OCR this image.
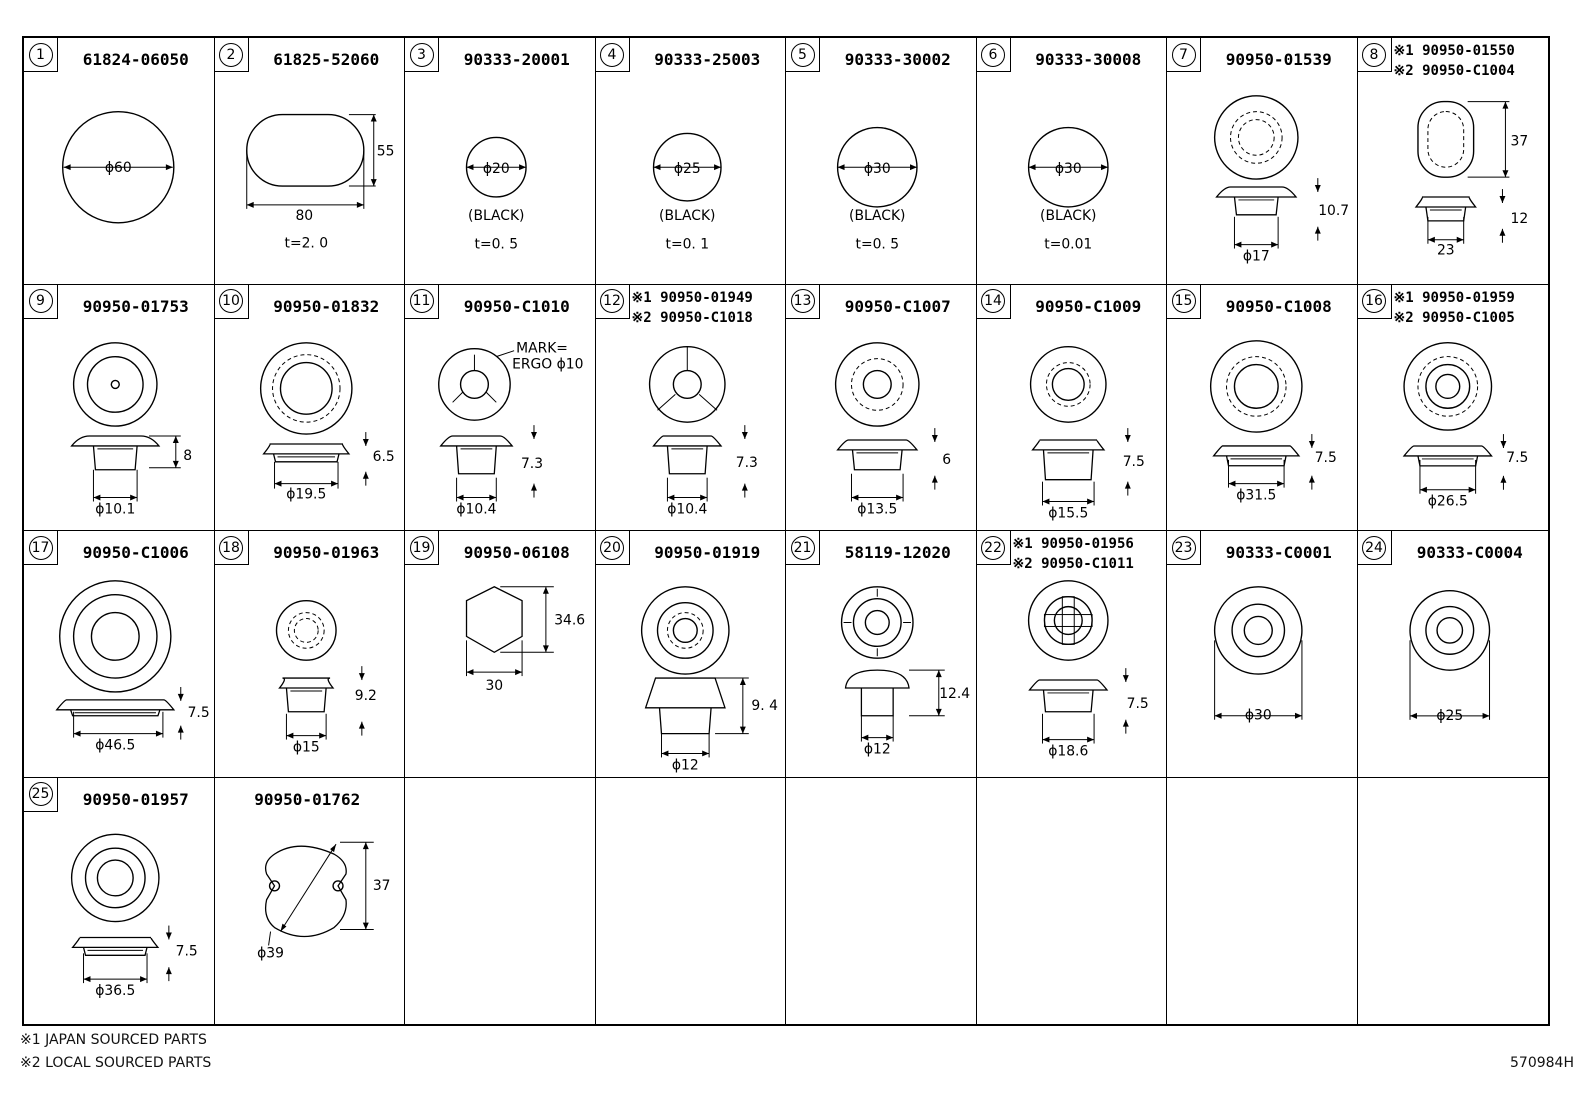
1	61824-06050
ϕ60
2	61825-52060
55
80
t=2. 0
3	90333-20001
ϕ20
(BLACK)
t=0. 5
4	90333-25003
ϕ25
(BLACK)
t=0. 1
5	90333-30002
ϕ30
(BLACK)
t=0. 5
6	90333-30008
ϕ30
(BLACK)
t=0.01
7	90950-01539
10.7
ϕ17
8	※1 90950-01550
※2 90950-C1004
37
12
23
9	90950-01753
8
ϕ10.1
10	90950-01832
6.5
ϕ19.5
11	90950-C1010
MARK=
ERGO ϕ10
7.3
ϕ10.4
12 ※1 90950-01949
※2 90950-C1018
7.3
ϕ10.4
13	90950-C1007
6
ϕ13.5
14	90950-C1009
7.5
ϕ15.5
15	90950-C1008
7.5
ϕ31.5
16 ※1 90950-01959
※2 90950-C1005
7.5
ϕ26.5
17	90950-C1006
7.5
ϕ46.5
18	90950-01963
9.2
ϕ15
19	90950-06108
34.6
30
20	90950-01919
9. 4
ϕ12
21	58119-12020
12.4
ϕ12
22 ※1 90950-01956
※2 90950-C1011
7.5
ϕ18.6
23	90333-C0001
ϕ30
24	90333-C0004
ϕ25
25	90950-01957
7.5
ϕ36.5
90950-01762
ϕ39
37
※1 JAPAN SOURCED PARTS
※2 LOCAL SOURCED PARTS	570984H
